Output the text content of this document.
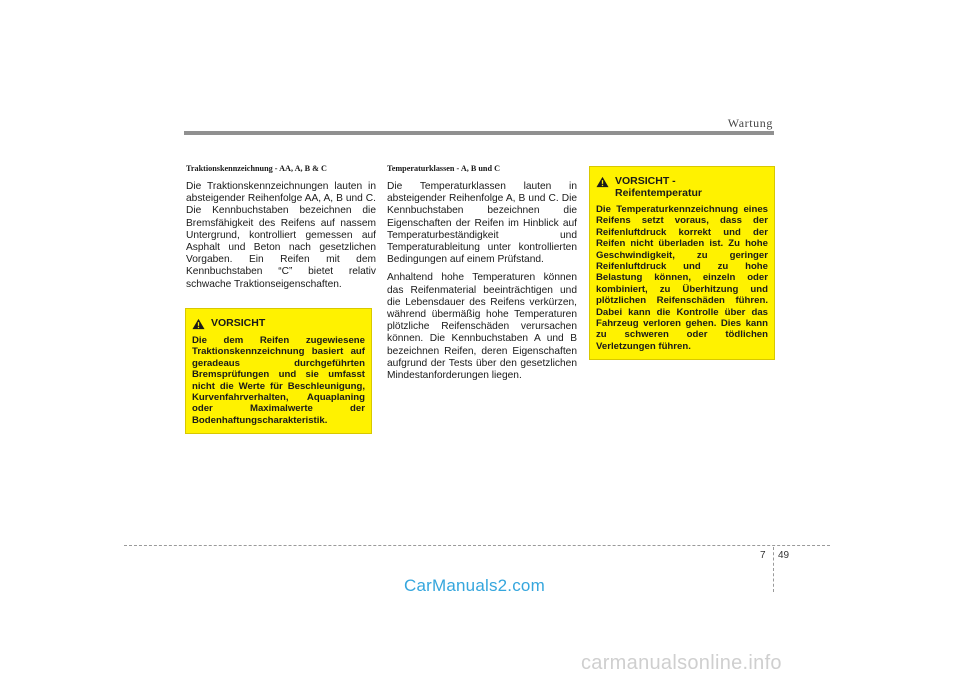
Wartung

Traktionskennzeichnung - AA, A, B & C

Die Traktionskennzeichnungen lauten in absteigender Reihenfolge AA, A, B und C. Die Kennbuchstaben bezeichnen die Bremsfähigkeit des Reifens auf nassem Untergrund, kontrolliert gemessen auf Asphalt und Beton nach gesetzlichen Vorgaben. Ein Reifen mit dem Kennbuchstaben “C” bietet relativ schwache Traktionseigenschaften.

VORSICHT

Die dem Reifen zugewiesene Traktionskennzeichnung basiert auf geradeaus durchgeführten Bremsprüfungen und sie umfasst nicht die Werte für Beschleunigung, Kurvenfahrverhalten, Aquaplaning oder Maximalwerte der Bodenhaftungscharakteristik.

Temperaturklassen - A, B und C

Die Temperaturklassen lauten in absteigender Reihenfolge A, B und C. Die Kennbuchstaben bezeichnen die Eigenschaften der Reifen im Hinblick auf Temperaturbeständigkeit und Temperaturableitung unter kontrollierten Bedingungen auf einem Prüfstand.

Anhaltend hohe Temperaturen können das Reifenmaterial beeinträchtigen und die Lebensdauer des Reifens verkürzen, während übermäßig hohe Temperaturen plötzliche Reifenschäden verursachen können. Die Kennbuchstaben A und B bezeichnen Reifen, deren Eigenschaften aufgrund der Tests über den gesetzlichen Mindestanforderungen liegen.

VORSICHT -
Reifentemperatur

Die Temperaturkennzeichnung eines Reifens setzt voraus, dass der Reifenluftdruck korrekt und der Reifen nicht überladen ist. Zu hohe Geschwindigkeit, zu geringer Reifenluftdruck und zu hohe Belastung können, einzeln oder kombiniert, zu Überhitzung und plötzlichen Reifenschäden führen. Dabei kann die Kontrolle über das Fahrzeug verloren gehen. Dies kann zu schweren oder tödlichen Verletzungen führen.

7 49
CarManuals2.com
carmanualsonline.info
